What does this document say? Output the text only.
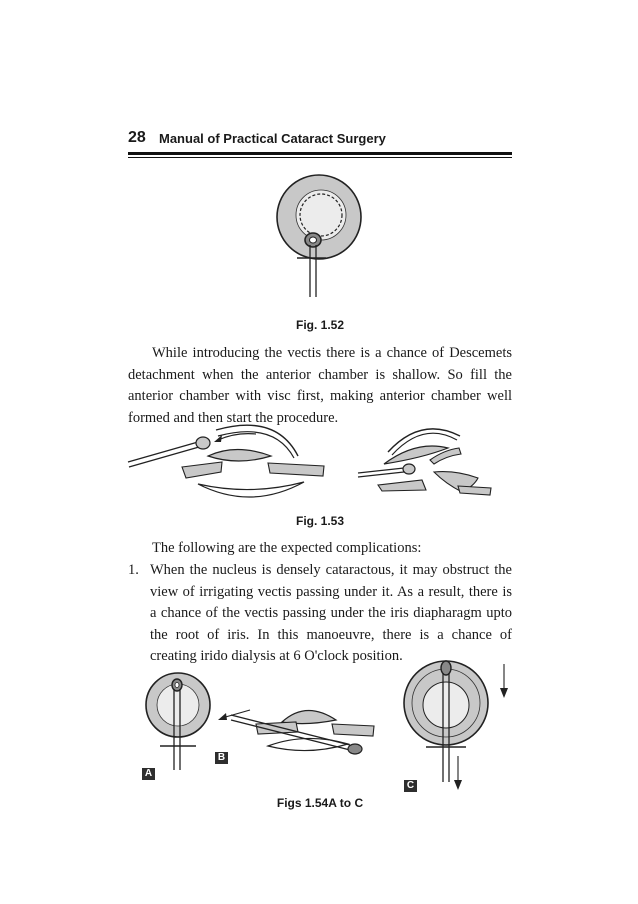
28 Manual of Practical Cataract Surgery
Fig. 1.52
While introducing the vectis there is a chance of Descemets detachment when the anterior chamber is shallow. So fill the anterior chamber with visc first, making anterior chamber well formed and then start the procedure.
Fig. 1.53
The following are the expected complications:
1. When the nucleus is densely cataractous, it may obstruct the view of irrigating vectis passing under it. As a result, there is a chance of the vectis passing under the iris diapharagm upto the root of iris. In this manoeuvre, there is a chance of creating irido dialysis at 6 O'clock position.
A
B
C
Figs 1.54A to C
